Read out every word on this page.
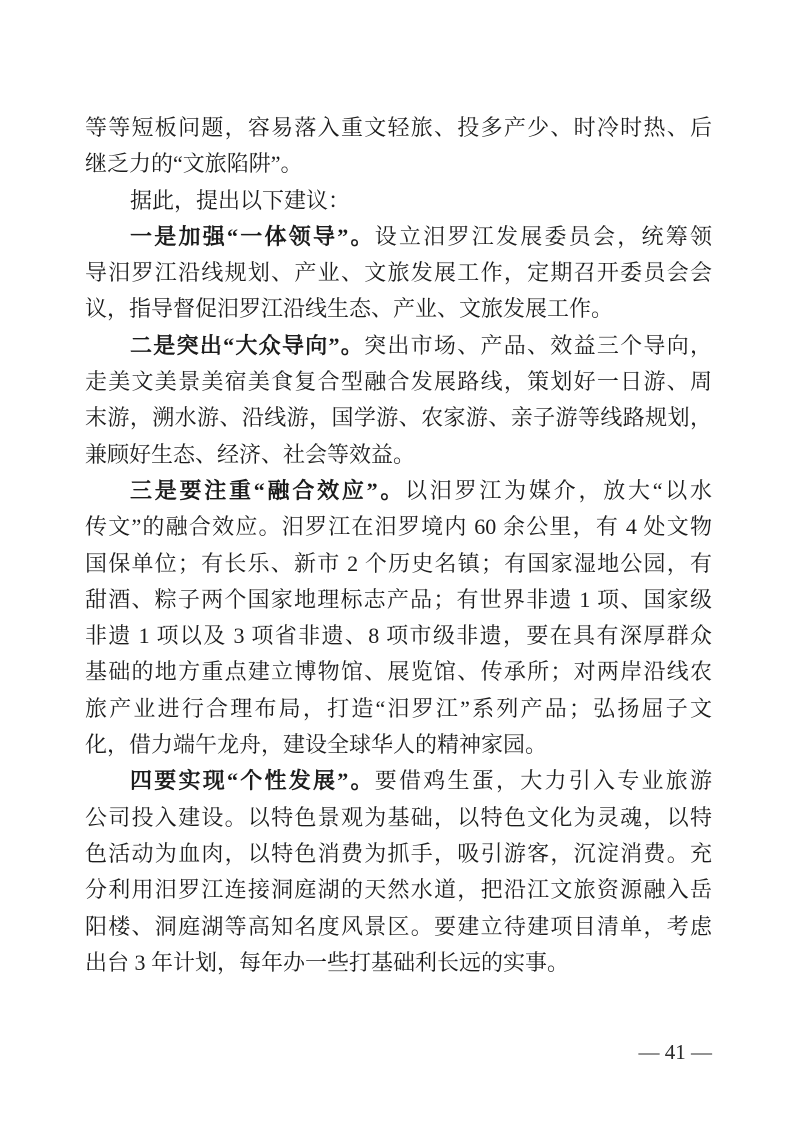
等等短板问题，容易落入重文轻旅、投多产少、时冷时热、后
继乏力的“文旅陷阱”。
据此，提出以下建议：
一是加强“一体领导”。设立汨罗江发展委员会，统筹领
导汨罗江沿线规划、产业、文旅发展工作，定期召开委员会会
议，指导督促汨罗江沿线生态、产业、文旅发展工作。
二是突出“大众导向”。突出市场、产品、效益三个导向，
走美文美景美宿美食复合型融合发展路线，策划好一日游、周
末游，溯水游、沿线游，国学游、农家游、亲子游等线路规划，
兼顾好生态、经济、社会等效益。
三是要注重“融合效应”。以汨罗江为媒介，放大“以水
传文”的融合效应。汨罗江在汨罗境内 60 余公里，有 4 处文物
国保单位；有长乐、新市 2 个历史名镇；有国家湿地公园，有
甜酒、粽子两个国家地理标志产品；有世界非遗 1 项、国家级
非遗 1 项以及 3 项省非遗、8 项市级非遗，要在具有深厚群众
基础的地方重点建立博物馆、展览馆、传承所；对两岸沿线农
旅产业进行合理布局，打造“汨罗江”系列产品；弘扬屈子文
化，借力端午龙舟，建设全球华人的精神家园。
四要实现“个性发展”。要借鸡生蛋，大力引入专业旅游
公司投入建设。以特色景观为基础，以特色文化为灵魂，以特
色活动为血肉，以特色消费为抓手，吸引游客，沉淀消费。充
分利用汨罗江连接洞庭湖的天然水道，把沿江文旅资源融入岳
阳楼、洞庭湖等高知名度风景区。要建立待建项目清单，考虑
出台 3 年计划，每年办一些打基础利长远的实事。
— 41 —
